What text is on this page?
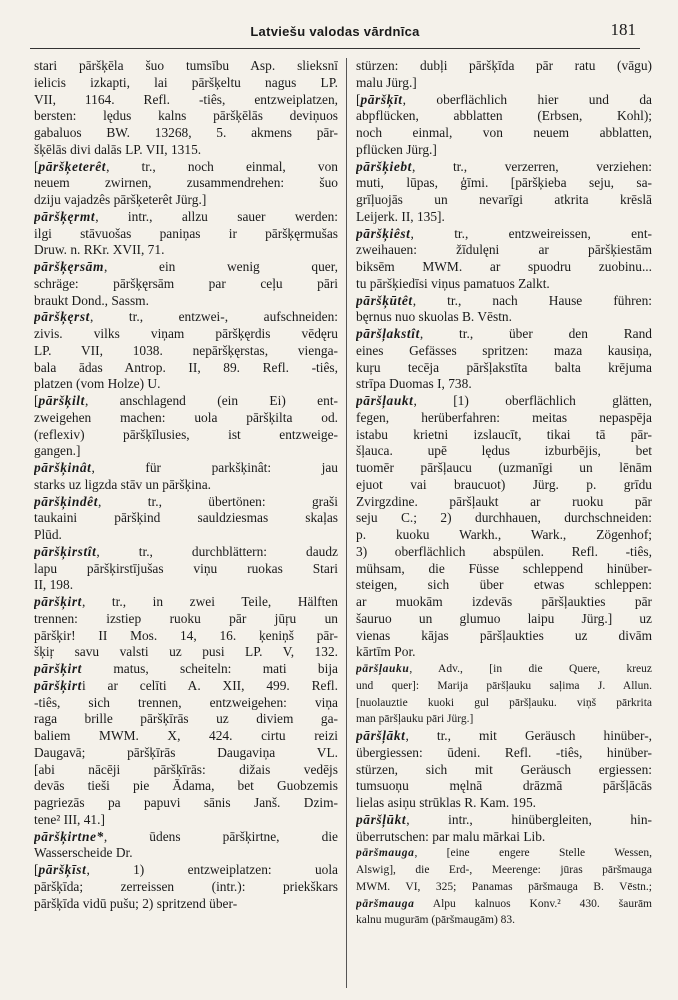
Latviešu valodas vārdnīca	181
stari pāršķēla šuo tumsību Asp. slieksnī
ielicis izkapti, lai pāršķeltu nagus LP.
VII, 1164. Refl. -tiês, entzweiplatzen,
bersten: lędus kalns pāršķēlās deviņuos
gabaluos BW. 13268, 5. akmens pār-
šķēlās divi dalās LP. VII, 1315.
[pāršķeterêt, tr., noch einmal, von
neuem zwirnen, zusammendrehen: šuo
dziju vajadzês pāršķeterêt Jürg.]
pāršķęrmt, intr., allzu sauer werden:
ilgi stāvuošas paniņas ir pāršķęrmušas
Druw. n. RKr. XVII, 71.
pāršķęrsām, ein wenig quer,
schräge: pāršķęrsām par ceļu pāri
braukt Dond., Sassm.
pāršķęrst, tr., entzwei-, aufschneiden:
zivis. vilks viņam pāršķęrdis vēdęru
LP. VII, 1038. nepāršķęrstas, vienga-
bala ādas Antrop. II, 89. Refl. -tiês,
platzen (vom Holze) U.
[pāršķilt, anschlagend (ein Ei) ent-
zweigehen machen: uola pāršķilta od.
(reflexiv) pāršķīlusies, ist entzweige-
gangen.]
pāršķinât, für parkšķinât: jau
starks uz ligzda stāv un pāršķina.
pāršķindêt, tr., übertönen: graši
taukaini pāršķind sauldziesmas skaļas
Plūd.
pāršķirstît, tr., durchblättern: daudz
lapu pāršķirstījušas viņu ruokas Stari
II, 198.
pāršķirt, tr., in zwei Teile, Hälften
trennen: izstiep ruoku pār jūŗu un
pāršķir! II Mos. 14, 16. ķeniņš pār-
šķiŗ savu valsti uz pusi LP. V, 132.
pāršķirt matus, scheiteln: mati bija
pāršķirti ar celīti A. XII, 499. Refl.
-tiês, sich trennen, entzweigehen: viņa
raga brille pāršķīrās uz diviem ga-
baliem MWM. X, 424. cirtu reizi
Daugavā; pāršķīrās Daugaviņa VL.
[abi nācēji pāršķīrās: dižais vedējs
devās tieši pie Ādama, bet Guobzemis
pagriezās pa papuvi sānis Janš. Dzim-
tene² III, 41.]
pāršķirtne*, ūdens pāršķirtne, die
Wasserscheide Dr.
[pāršķīst, 1) entzweiplatzen: uola
pāršķīda; zerreissen (intr.): priekškars
pāršķīda vidū pušu; 2) spritzend über-
stürzen: dubļi pāršķīda pār ratu (vāgu)
malu Jürg.]
[pāršķīt, oberflächlich hier und da
abpflücken, abblatten (Erbsen, Kohl);
noch einmal, von neuem abblatten,
pflücken Jürg.]
pāršķiebt, tr., verzerren, verziehen:
muti, lūpas, ģīmi. [pāršķieba seju, sa-
grīļuojās un nevarīgi atkrita krēslā
Leijerk. II, 135].
pāršķiêst, tr., entzweireissen, ent-
zweihauen: žīdulęni ar pāršķiestām
biksēm MWM. ar spuodru zuobinu...
tu pāršķiedīsi viņus pamatuos Zalkt.
pāršķūtêt, tr., nach Hause führen:
bęrnus nuo skuolas B. Vēstn.
pāršļakstît, tr., über den Rand
eines Gefässes spritzen: maza kausiņa,
kuŗu tecēja pāršļakstīta balta krējuma
strīpa Duomas I, 738.
pāršļaukt, [1) oberflächlich glätten,
fegen, herüberfahren: meitas nepaspēja
istabu krietni izslaucīt, tikai tā pār-
šļauca. upē lędus izburbējis, bet
tuomēr pāršļaucu (uzmanīgi un lēnām
ejuot vai braucuot) Jürg. p. grīdu
Zvirgzdine. pāršļaukt ar ruoku pār
seju C.; 2) durchhauen, durchschneiden:
p. kuoku Warkh., Wark., Zögenhof;
3) oberflächlich abspülen. Refl. -tiês,
mühsam, die Füsse schleppend hinüber-
steigen, sich über etwas schleppen:
ar muokām izdevās pāršļaukties pār
šauruo un glumuo laipu Jürg.] uz
vienas kājas pāršļaukties uz divām
kārtīm Por.
pāršļauku, Adv., [in die Quere, kreuz
und quer]: Marija pāršļauku saļima J. Allun.
[nuolauztie kuoki gul pāršļauku. viņš pārkrita
man pāršļauku pāri Jürg.]
pāršļākt, tr., mit Geräusch hinüber-,
übergiessen: ūdeni. Refl. -tiês, hinüber-
stürzen, sich mit Geräusch ergiessen:
tumsuoņu męlnā drāzmā pāršļācās
lielas asiņu strūklas R. Kam. 195.
pāršļūkt, intr., hinübergleiten, hin-
überrutschen: par malu mārkai Lib.
pāršmauga, [eine engere Stelle Wessen,
Alswig], die Erd-, Meerenge: jūras pāršmauga
MWM. VI, 325; Panamas pāršmauga B. Vēstn.;
pāršmauga Alpu kalnuos Konv.² 430. šaurām
kalnu mugurām (pāršmaugām) 83.
